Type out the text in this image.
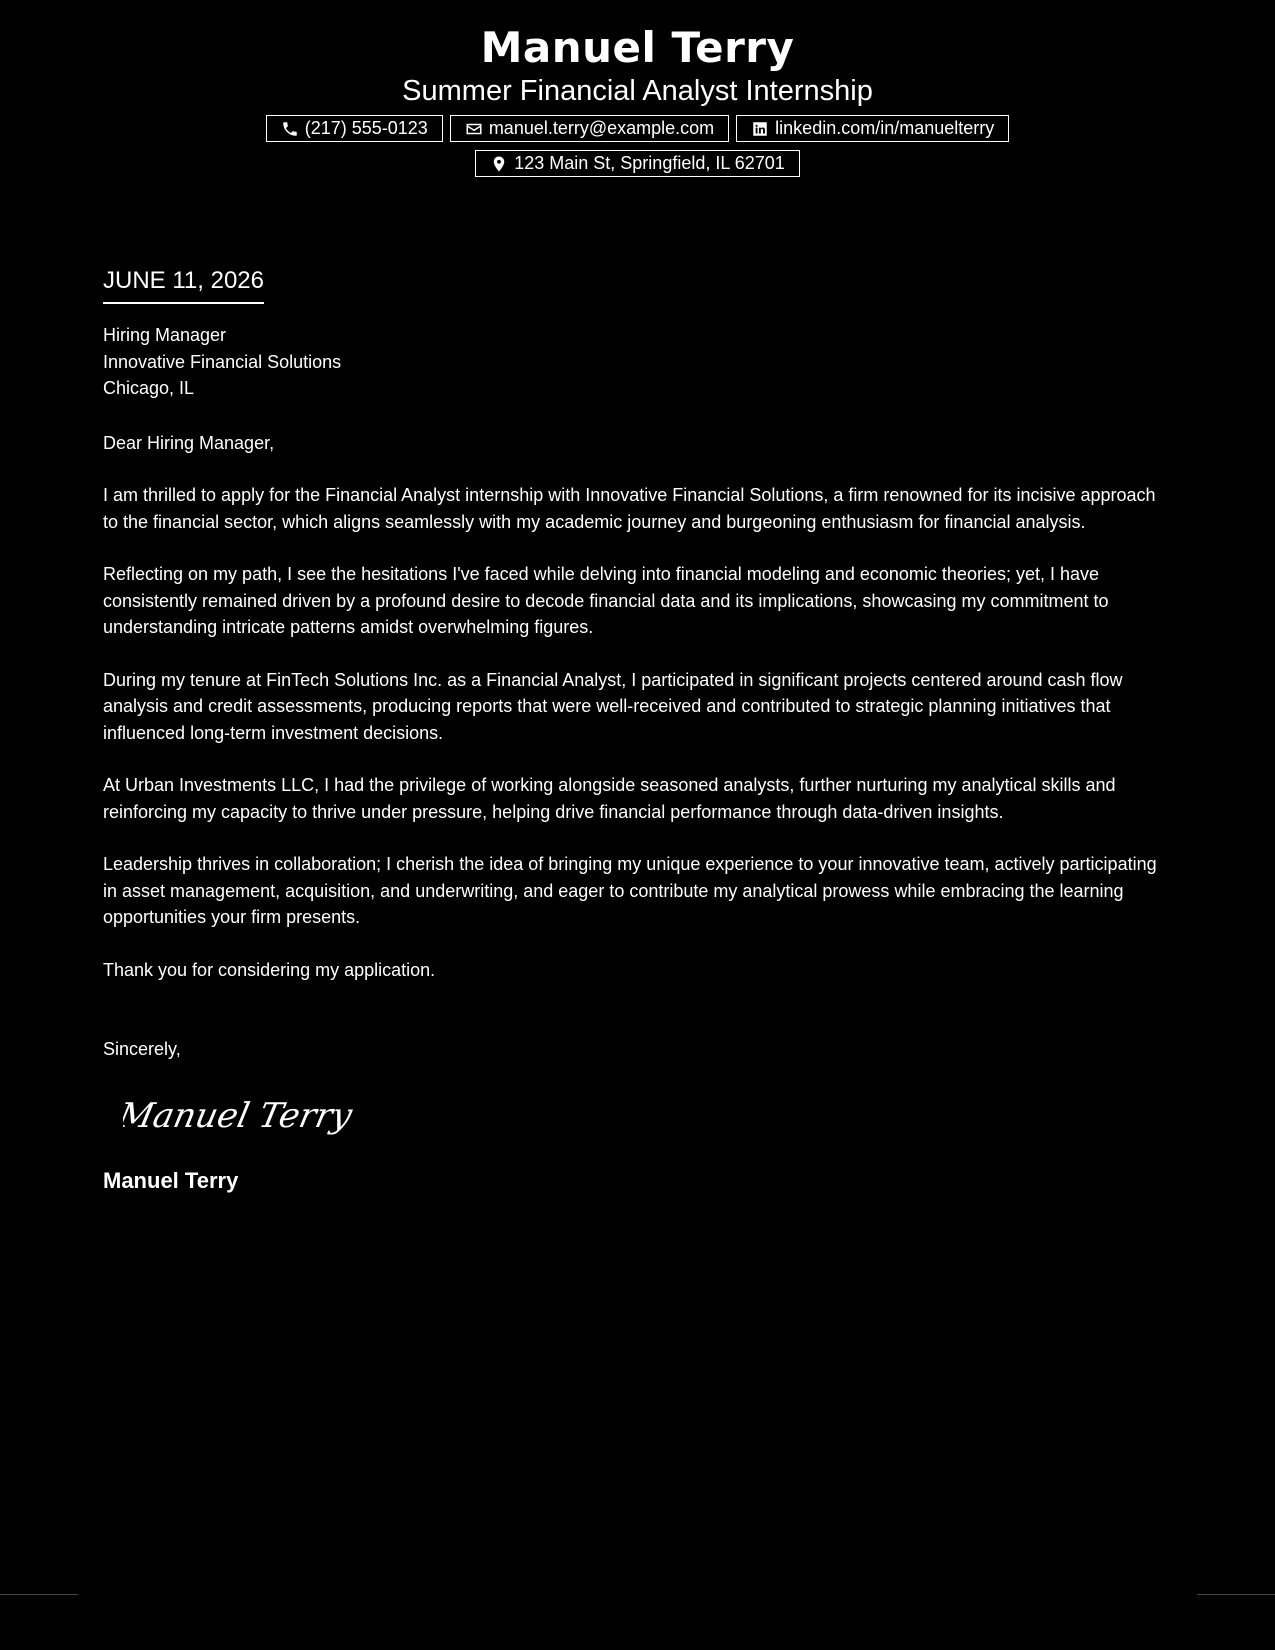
Manuel Terry
Summer Financial Analyst Internship
(217) 555-0123	manuel.terry@example.com	linkedin.com/in/manuelterry
123 Main St, Springfield, IL 62701
JUNE 11, 2026
Hiring Manager
Innovative Financial Solutions
Chicago, IL
Dear Hiring Manager,

I am thrilled to apply for the Financial Analyst internship with Innovative Financial Solutions, a firm renowned for its incisive approach to the financial sector, which aligns seamlessly with my academic journey and burgeoning enthusiasm for financial analysis.

Reflecting on my path, I see the hesitations I've faced while delving into financial modeling and economic theories; yet, I have consistently remained driven by a profound desire to decode financial data and its implications, showcasing my commitment to understanding intricate patterns amidst overwhelming figures.

During my tenure at FinTech Solutions Inc. as a Financial Analyst, I participated in significant projects centered around cash flow analysis and credit assessments, producing reports that were well-received and contributed to strategic planning initiatives that influenced long-term investment decisions.

At Urban Investments LLC, I had the privilege of working alongside seasoned analysts, further nurturing my analytical skills and reinforcing my capacity to thrive under pressure, helping drive financial performance through data-driven insights.

Leadership thrives in collaboration; I cherish the idea of bringing my unique experience to your innovative team, actively participating in asset management, acquisition, and underwriting, and eager to contribute my analytical prowess while embracing the learning opportunities your firm presents.

Thank you for considering my application.

Sincerely,
Manuel Terry
Manuel Terry
